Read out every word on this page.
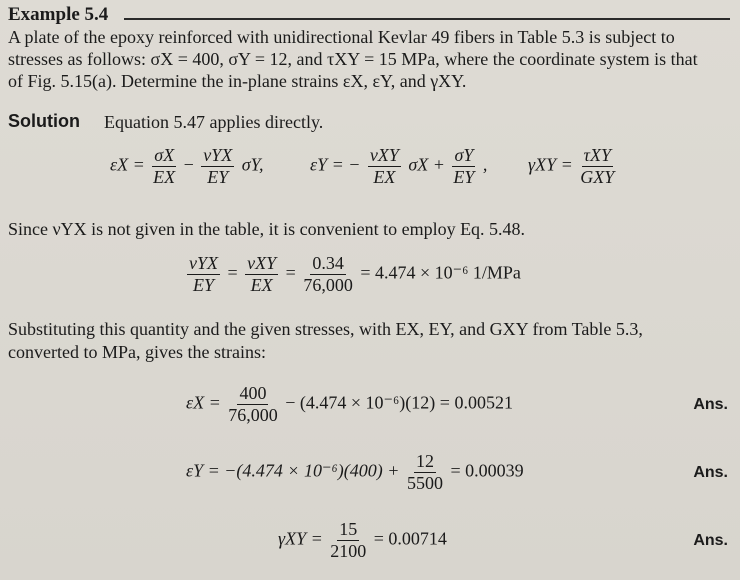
Example 5.4
A plate of the epoxy reinforced with unidirectional Kevlar 49 fibers in Table 5.3 is subject to
stresses as follows: σX = 400, σY = 12, and τXY = 15 MPa, where the coordinate system is that
of Fig. 5.15(a). Determine the in-plane strains εX, εY, and γXY.
Solution Equation 5.47 applies directly.
$\varepsilon X = \frac{\sigma X}{EX} - \frac{\text{νYX}}{EY} \sigma Y$,	εY = − $\frac{\text{νXY}}{EX}$ $\sigma X + \frac{\sigma Y}{EY}$ , $\gamma XY = \frac{\text{τXY}}{\text{GXY}}$
Since νYX is not given in the table, it is convenient to employ Eq. 5.48.
$\frac{\text{νYX}}{EY} = \frac{\text{νXY}}{EX} = \frac{0.34}{76,000} = 4.474 \times 10^{-6}$ 1/MPa
Substituting this quantity and the given stresses, with EX, EY, and GXY from Table 5.3,
converted to MPa, gives the strains:
$\varepsilon X = \frac{400}{76,000} - (4.474 \times 10^{-6})(12) = 0.00521$	Ans.
$\varepsilon Y = -(4.474 \times 10^{-6})(400) + \frac{12}{5500} = 0.00039$	Ans.
$\gamma XY = \frac{15}{2100} = 0.00714$	Ans.
